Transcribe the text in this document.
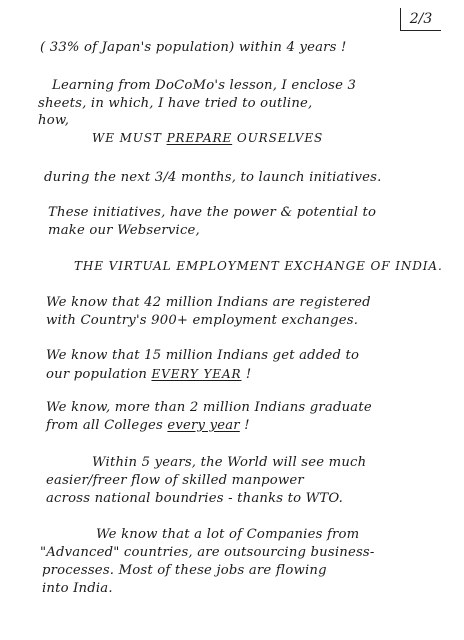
2/3
( 33% of Japan's population) within 4 years !
Learning from DoCoMo's lesson, I enclose 3
sheets, in which, I have tried to outline,
how,
WE MUST PREPARE OURSELVES
during the next 3/4 months, to launch initiatives.
These initiatives, have the power & potential to
make our Webservice,
THE VIRTUAL EMPLOYMENT EXCHANGE OF INDIA.
We know that 42 million Indians are registered
with Country's 900+ employment exchanges.
We know that 15 million Indians get added to
our population EVERY YEAR !
We know, more than 2 million Indians graduate
from all Colleges every year !
Within 5 years, the World will see much
easier/freer flow of skilled manpower
across national boundries - thanks to WTO.
We know that a lot of Companies from
"Advanced" countries, are outsourcing business-
processes. Most of these jobs are flowing
into India.
